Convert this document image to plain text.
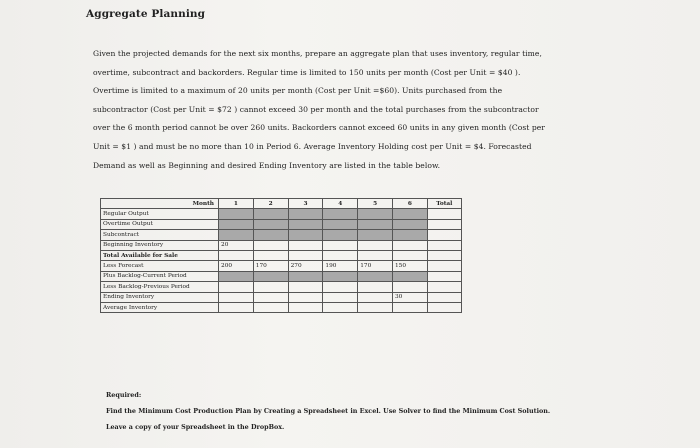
Aggregate Planning
Given the projected demands for the next six months, prepare an aggregate plan that uses inventory, regular time,
overtime, subcontract and backorders. Regular time is limited to 150 units per month (Cost per Unit = $40 ).
Overtime is limited to a maximum of 20 units per month (Cost per Unit =$60). Units purchased from the
subcontractor (Cost per Unit = $72 ) cannot exceed 30 per month and the total purchases from the subcontractor
over the 6 month period cannot be over 260 units. Backorders cannot exceed 60 units in any given month (Cost per
Unit = $1 ) and must be no more than 10 in Period 6. Average Inventory Holding cost per Unit = $4. Forecasted
Demand as well as Beginning and desired Ending Inventory are listed in the table below.
Month	1	2	3	4	5	6	Total
Regular Output							
Overtime Output							
Subcontract							
Beginning Inventory	20						
Total Available for Sale							
Less Forecast	200	170	270	190	170	150	
Plus Backlog-Current Period							
Less Backlog-Previous Period							
Ending Inventory						30	
Average Inventory							
Required:
Find the Minimum Cost Production Plan by Creating a Spreadsheet in Excel. Use Solver to find the Minimum Cost Solution.
Leave a copy of your Spreadsheet in the DropBox.
